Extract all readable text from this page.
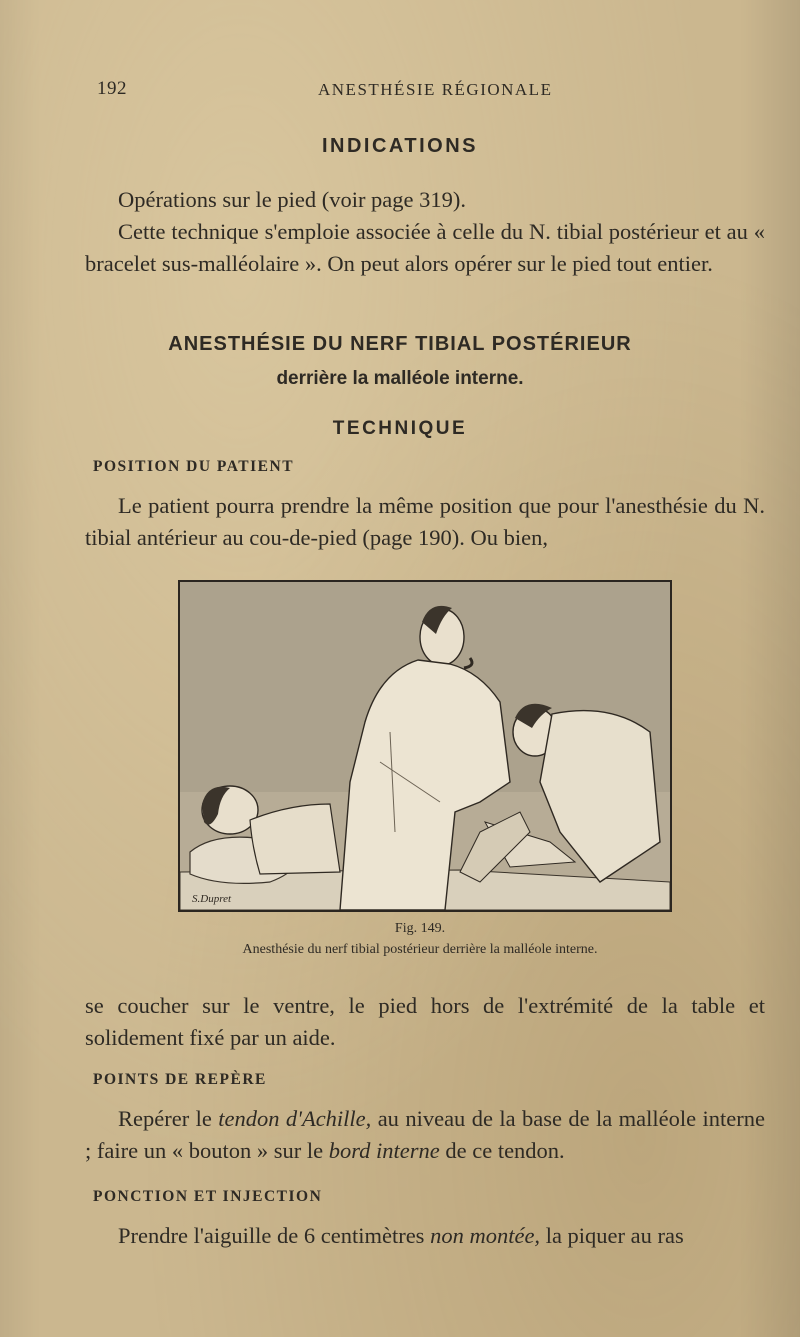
192	ANESTHÉSIE RÉGIONALE
INDICATIONS

Opérations sur le pied (voir page 319).

Cette technique s'emploie associée à celle du N. tibial postérieur et au « bracelet sus-malléolaire ». On peut alors opérer sur le pied tout entier.

ANESTHÉSIE DU NERF TIBIAL POSTÉRIEUR
derrière la malléole interne.
TECHNIQUE
POSITION DU PATIENT

Le patient pourra prendre la même position que pour l'anesthésie du N. tibial antérieur au cou-de-pied (page 190). Ou bien,

S.Dupret
Fig. 149.
Anesthésie du nerf tibial postérieur derrière la malléole interne.

se coucher sur le ventre, le pied hors de l'extrémité de la table et solidement fixé par un aide.

POINTS DE REPÈRE

Repérer le tendon d'Achille, au niveau de la base de la malléole interne ; faire un « bouton » sur le bord interne de ce tendon.

PONCTION ET INJECTION

Prendre l'aiguille de 6 centimètres non montée, la piquer au ras
